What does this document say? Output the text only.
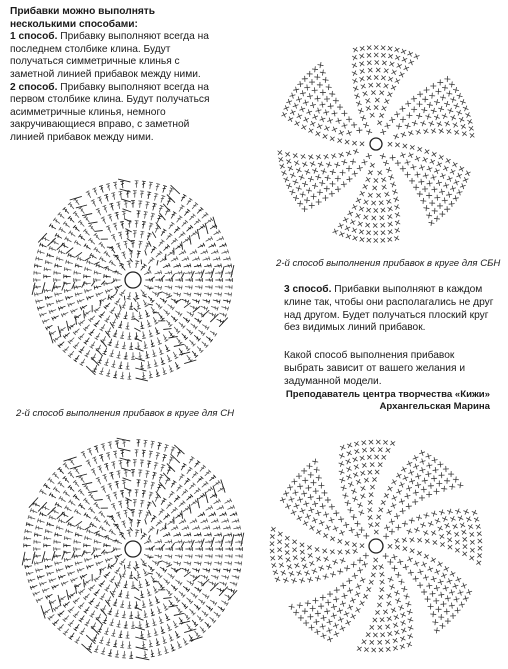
Прибавки можно выполнять несколькими способами:

1 способ. Прибавку выполняют всегда на последнем столбике клина. Будут получаться симметричные клинья с заметной линией прибавок между ними.

2 способ. Прибавку выполняют всегда на первом столбике клина. Будут получаться асимметричные клинья, немного закручивающиеся вправо, с заметной линией прибавок между ними.

2-й способ выполнения прибавок в круге для СБН
2-й способ выполнения прибавок в круге для СН
3 способ. Прибавки выполняют в каждом клине так, чтобы они располагались не друг над другом. Будет получаться плоский круг без видимых линий прибавок.
Какой способ выполнения прибавок выбрать зависит от вашего желания и задуманной модели.
Преподаватель центра творчества «Кижи»
Архангельская Марина
